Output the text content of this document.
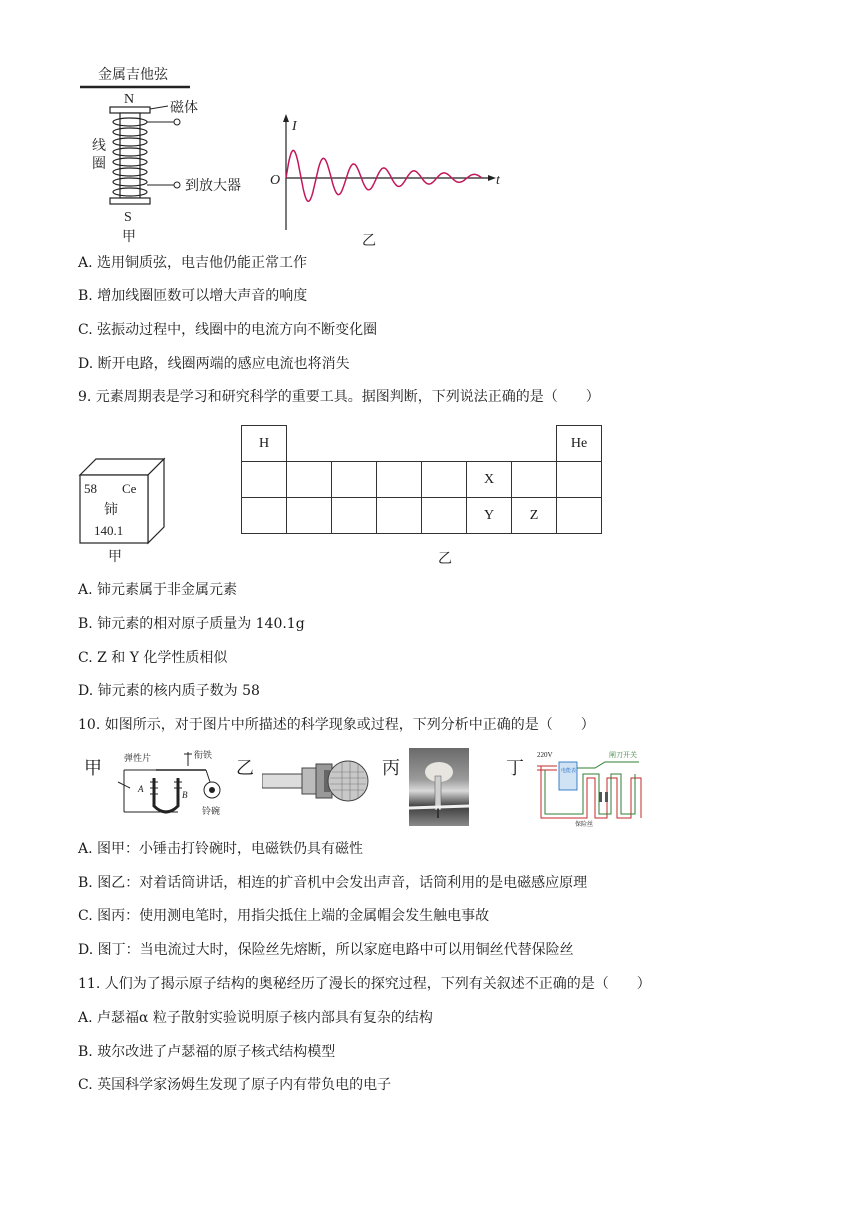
金属吉他弦
N
S
甲
磁体
线
圈
到放大器
I
t
O
乙
A. 选用铜质弦，电吉他仍能正常工作
B. 增加线圈匝数可以增大声音的响度
C. 弦振动过程中，线圈中的电流方向不断变化圈
D. 断开电路，线圈两端的感应电流也将消失
9. 元素周期表是学习和研究科学的重要工具。据图判断，下列说法正确的是（　　）
58 Ce
铈
140.1
甲
H							He
					X		
					Y	Z	
乙
A. 铈元素属于非金属元素
B. 铈元素的相对原子质量为 140.1g
C. Z 和 Y 化学性质相似
D. 铈元素的核内质子数为 58
10. 如图所示，对于图片中所描述的科学现象或过程，下列分析中正确的是（　　）
甲 弹性片	衔铁
A
B
铃碗
乙	丙	丁
220V	闸刀开关
电能表
保险丝
A. 图甲：小锤击打铃碗时，电磁铁仍具有磁性
B. 图乙：对着话筒讲话，相连的扩音机中会发出声音，话筒利用的是电磁感应原理
C. 图丙：使用测电笔时，用指尖抵住上端的金属帽会发生触电事故
D. 图丁：当电流过大时，保险丝先熔断，所以家庭电路中可以用铜丝代替保险丝
11. 人们为了揭示原子结构的奥秘经历了漫长的探究过程，下列有关叙述不正确的是（　　）
A. 卢瑟福α 粒子散射实验说明原子核内部具有复杂的结构
B. 玻尔改进了卢瑟福的原子核式结构模型
C. 英国科学家汤姆生发现了原子内有带负电的电子
